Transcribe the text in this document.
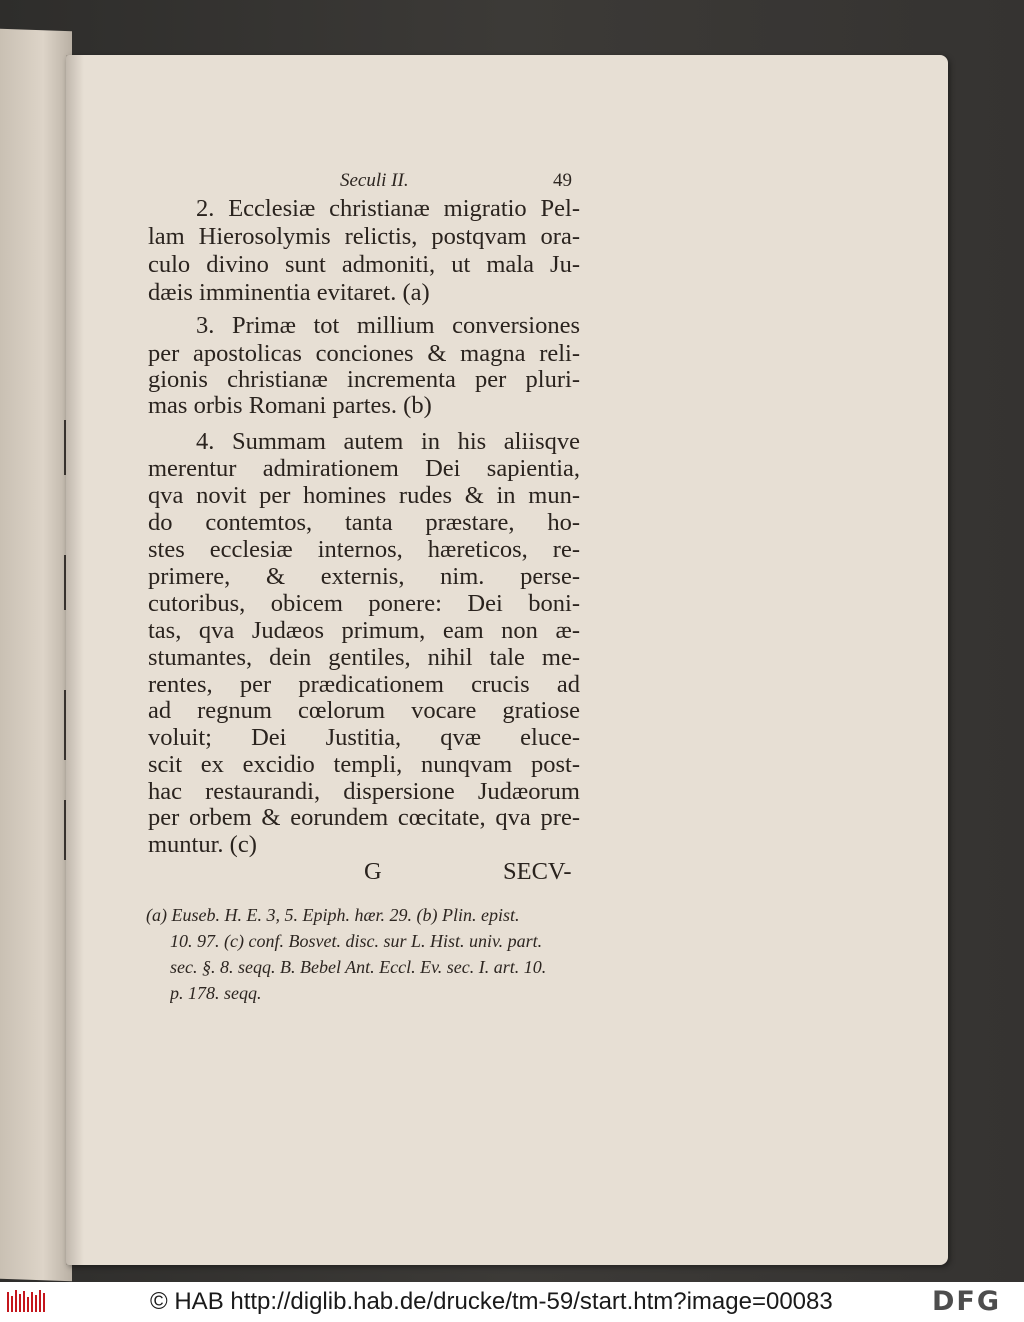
Seculi II.	49
2. Ecclesiæ christianæ migratio Pel-
lam Hierosolymis relictis, postqvam ora-
culo divino sunt admoniti, ut mala Ju-
dæis imminentia evitaret. (a)
3. Primæ tot millium conversiones
per apostolicas conciones & magna reli-
gionis christianæ incrementa per pluri-
mas orbis Romani partes. (b)
4. Summam autem in his aliisqve
merentur admirationem Dei sapientia,
qva novit per homines rudes & in mun-
do contemtos, tanta præstare, ho-
stes ecclesiæ internos, hæreticos, re-
primere, & externis, nim. perse-
cutoribus, obicem ponere: Dei boni-
tas, qva Judæos primum, eam non æ-
stumantes, dein gentiles, nihil tale me-
rentes, per prædicationem crucis ad
ad regnum cœlorum vocare gratiose
voluit; Dei Justitia, qvæ eluce-
scit ex excidio templi, nunqvam post-
hac restaurandi, dispersione Judæorum
per orbem & eorundem cœcitate, qva pre-
muntur. (c)
G	SECV-
(a) Euseb. H. E. 3, 5. Epiph. hær. 29. (b) Plin. epist.
10. 97. (c) conf. Bosvet. disc. sur L. Hist. univ. part.
sec. §. 8. seqq. B. Bebel Ant. Eccl. Ev. sec. I. art. 10.
p. 178. seqq.
© HAB http://diglib.hab.de/drucke/tm-59/start.htm?image=00083	DFG
